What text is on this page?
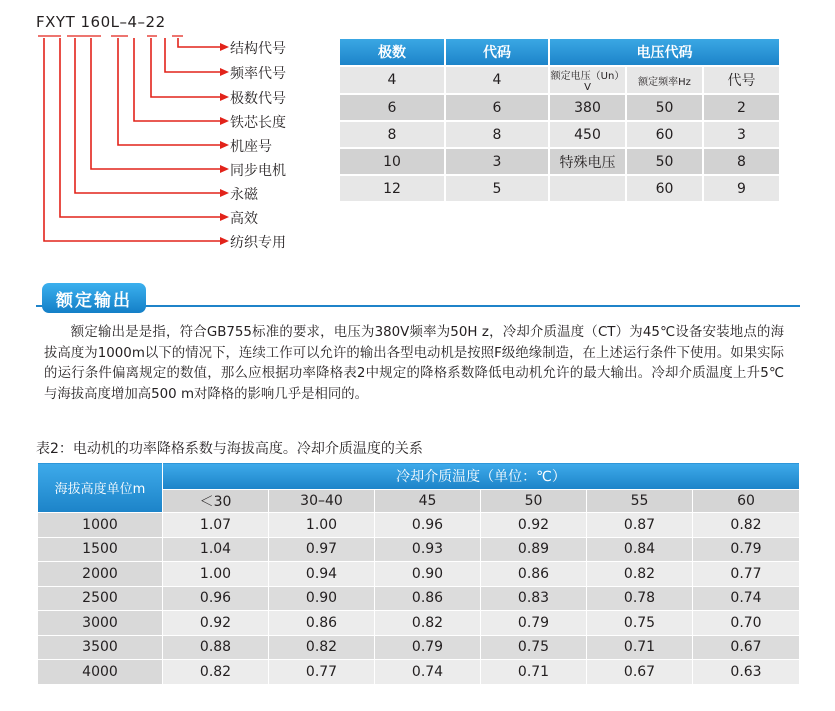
FXYT 160L–4–22
结构代号
频率代号
极数代号
铁芯长度
机座号
同步电机
永磁
高效
纺织专用
极数	代码	电压代码		
4	4	额定电压（Un）V	额定频率Hz	代号
6	6	380	50	2
8	8	450	60	3
10	3	特殊电压	50	8
12	5		60	9
额定输出

额定输出是是指，符合GB755标准的要求，电压为380V频率为50H z，冷却介质温度（CT）为45℃设备安装地点的海拔高度为1000m以下的情况下，连续工作可以允许的输出各型电动机是按照F级绝缘制造，在上述运行条件下使用。如果实际的运行条件偏离规定的数值，那么应根据功率降格表2中规定的降格系数降低电动机允许的最大输出。冷却介质温度上升5℃与海拔高度增加高500 m对降格的影响几乎是相同的。

表2：电动机的功率降格系数与海拔高度。冷却介质温度的关系
海拔高度单位m	冷却介质温度（单位：℃）					
	＜30	30–40	45	50	55	60
1000	1.07	1.00	0.96	0.92	0.87	0.82
1500	1.04	0.97	0.93	0.89	0.84	0.79
2000	1.00	0.94	0.90	0.86	0.82	0.77
2500	0.96	0.90	0.86	0.83	0.78	0.74
3000	0.92	0.86	0.82	0.79	0.75	0.70
3500	0.88	0.82	0.79	0.75	0.71	0.67
4000	0.82	0.77	0.74	0.71	0.67	0.63
